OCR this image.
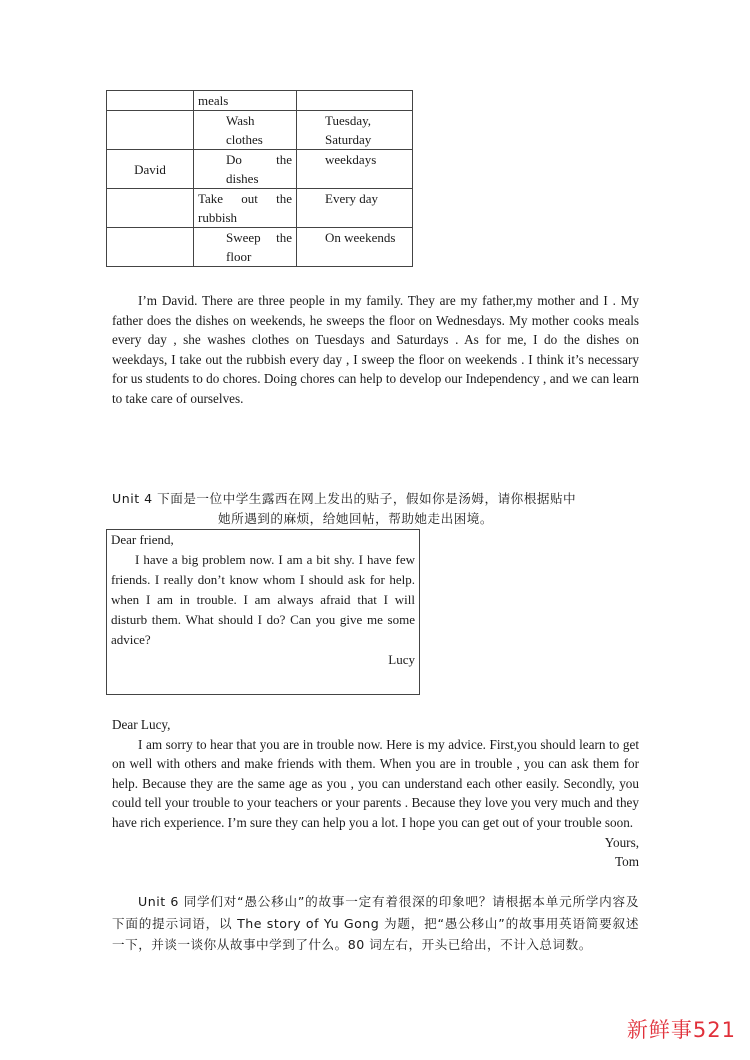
	meals	

	Wash clothes	Tuesday, Saturday

David	Do the dishes	weekdays

	Take out the rubbish	Every day

	Sweep the floor	On weekends

I’m David. There are three people in my family. They are my father,my mother and I . My father does the dishes on weekends, he sweeps the floor on Wednesdays. My mother cooks meals every day , she washes clothes on Tuesdays and Saturdays . As for me, I do the dishes on weekdays, I take out the rubbish every day , I sweep the floor on weekends . I think it’s necessary for us students to do chores. Doing chores can help to develop our Independency , and we can learn to take care of ourselves.

Unit 4 下面是一位中学生露西在网上发出的贴子，假如你是汤姆，请你根据贴中
她所遇到的麻烦，给她回帖，帮助她走出困境。
Dear friend,

I have a big problem now. I am a bit shy. I have few friends. I really don’t know whom I should ask for help. when I am in trouble. I am always afraid that I will disturb them. What should I do? Can you give me some advice?

Lucy
Dear Lucy,

I am sorry to hear that you are in trouble now. Here is my advice. First,you should learn to get on well with others and make friends with them. When you are in trouble , you can ask them for help. Because they are the same age as you , you can understand each other easily. Secondly, you could tell your trouble to your teachers or your parents . Because they love you very much and they have rich experience. I’m sure they can help you a lot. I hope you can get out of your trouble soon.

Yours,
Tom

Unit 6 同学们对“愚公移山”的故事一定有着很深的印象吧？请根据本单元所学内容及下面的提示词语，以 The story of Yu Gong 为题，把“愚公移山”的故事用英语简要叙述一下，并谈一谈你从故事中学到了什么。80 词左右，开头已给出，不计入总词数。

新鲜事521
